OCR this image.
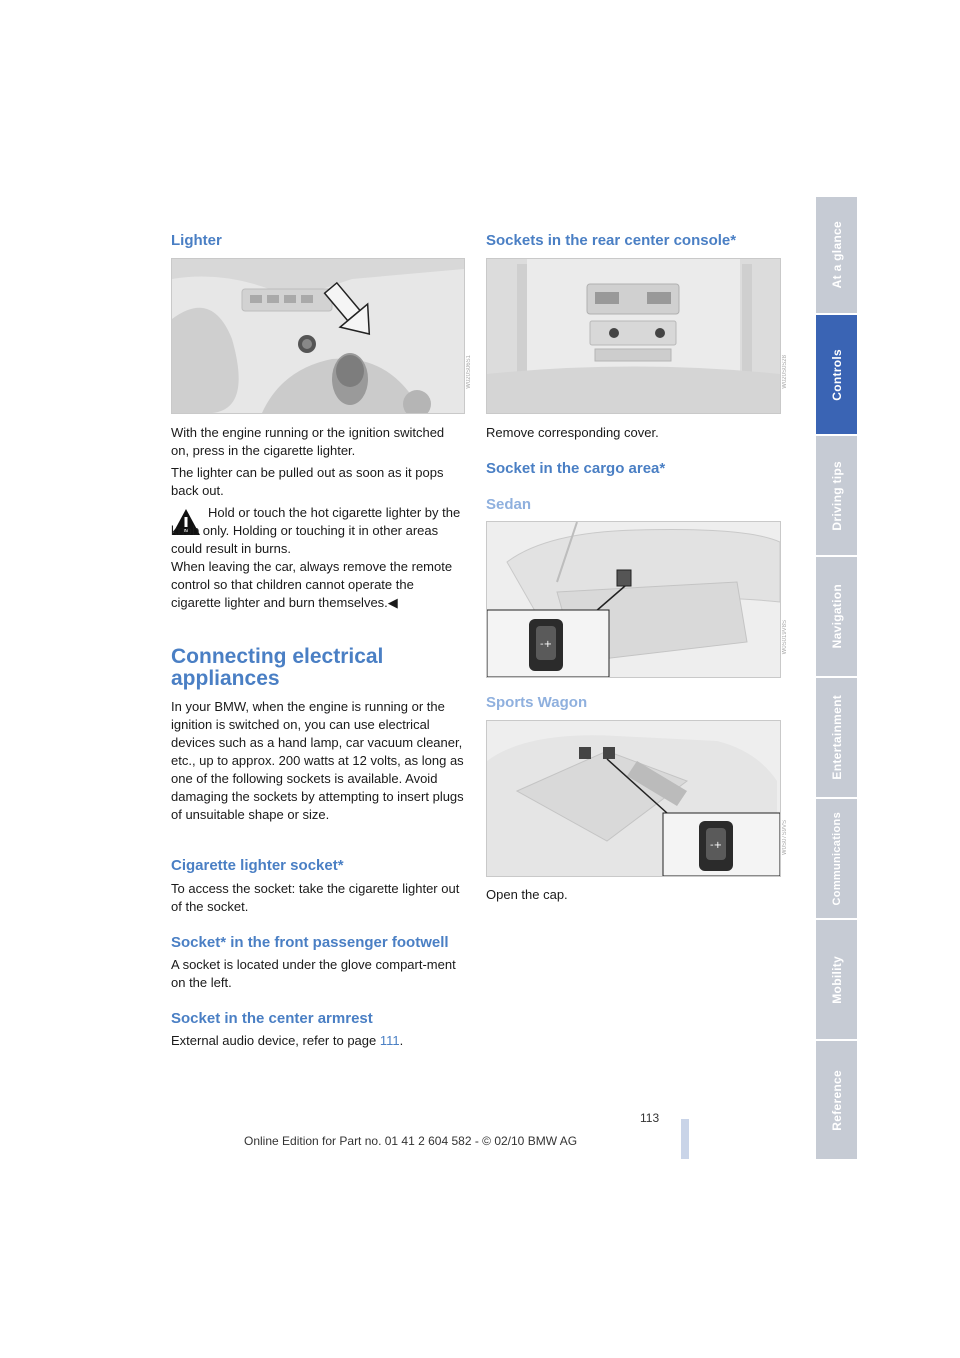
Lighter
W020S06S1

With the engine running or the ignition switched on, press in the cigarette lighter.

The lighter can be pulled out as soon as it pops back out.

Hold or touch the hot cigarette lighter by the knob only. Holding or touching it in other areas could result in burns.

When leaving the car, always remove the remote control so that children cannot operate the cigarette lighter and burn themselves.◀

Connecting electrical appliances

In your BMW, when the engine is running or the ignition is switched on, you can use electrical devices such as a hand lamp, car vacuum cleaner, etc., up to approx. 200 watts at 12 volts, as long as one of the following sockets is available. Avoid damaging the sockets by attempting to insert plugs of unsuitable shape or size.

Cigarette lighter socket*

To access the socket: take the cigarette lighter out of the socket.

Socket* in the front passenger footwell

A socket is located under the glove compart-ment on the left.

Socket in the center armrest

External audio device, refer to page 111.

Sockets in the rear center console*
W020S0S28

Remove corresponding cover.

Socket in the cargo area*
Sedan
-+	W0S019V8S
Sports Wagon
-+	W0S07S9VS

Open the cap.

At a glance
Controls
Driving tips
Navigation
Entertainment
Communications
Mobility
Reference
113
Online Edition for Part no. 01 41 2 604 582 - © 02/10 BMW AG
